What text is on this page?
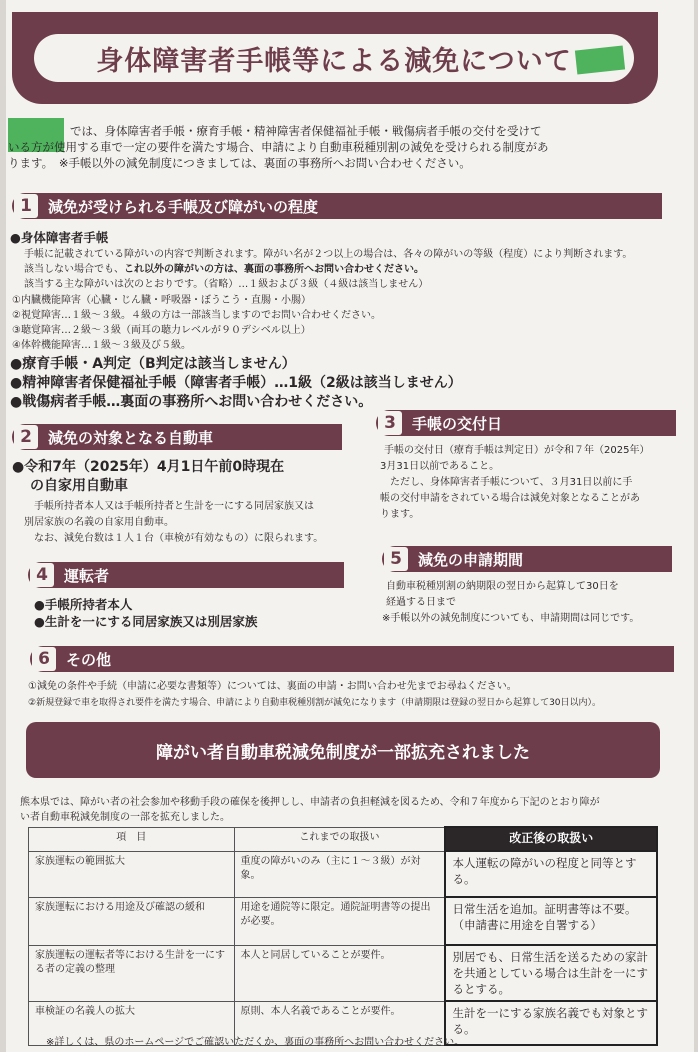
身体障害者手帳等による減免について
では、身体障害者手帳・療育手帳・精神障害者保健福祉手帳・戦傷病者手帳の交付を受けて
いる方が使用する車で一定の要件を満たす場合、申請により自動車税種別割の減免を受けられる制度があ
ります。　※手帳以外の減免制度につきましては、裏面の事務所へお問い合わせください。
1	減免が受けられる手帳及び障がいの程度
●身体障害者手帳
手帳に記載されている障がいの内容で判断されます。障がい名が２つ以上の場合は、各々の障がいの等級（程度）により判断されます。
該当しない場合でも、これ以外の障がいの方は、裏面の事務所へお問い合わせください。
該当する主な障がいは次のとおりです。（省略）…１級および３級（４級は該当しません）
①内臓機能障害（心臓・じん臓・呼吸器・ぼうこう・直腸・小腸）
②視覚障害…１級～３級。４級の方は一部該当しますのでお問い合わせください。
③聴覚障害…２級～３級（両耳の聴力レベルが９０デシベル以上）
④体幹機能障害…１級～３級及び５級。
●療育手帳・A判定（B判定は該当しません）
●精神障害者保健福祉手帳（障害者手帳）…1級（2級は該当しません）
●戦傷病者手帳…裏面の事務所へお問い合わせください。
2	減免の対象となる自動車
●令和7年（2025年）4月1日午前0時現在
の自家用自動車
手帳所持者本人又は手帳所持者と生計を一にする同居家族又は
別居家族の名義の自家用自動車。
なお、減免台数は１人１台（車検が有効なもの）に限られます。
3	手帳の交付日
手帳の交付日（療育手帳は判定日）が令和７年（2025年）
3月31日以前であること。
ただし、身体障害者手帳について、３月31日以前に手
帳の交付申請をされている場合は減免対象となることがあ
ります。
4	運転者
●手帳所持者本人
●生計を一にする同居家族又は別居家族
5	減免の申請期間
自動車税種別割の納期限の翌日から起算して30日を
経過する日まで
※手帳以外の減免制度についても、申請期間は同じです。
6	その他
①減免の条件や手続（申請に必要な書類等）については、裏面の申請・お問い合わせ先までお尋ねください。
②新規登録で車を取得され要件を満たす場合、申請により自動車税種別割が減免になります（申請期限は登録の翌日から起算して30日以内）。
障がい者自動車税減免制度が一部拡充されました
熊本県では、障がい者の社会参加や移動手段の確保を後押しし、申請者の負担軽減を図るため、令和７年度から下記のとおり障が
い者自動車税減免制度の一部を拡充しました。
項　目	これまでの取扱い	改正後の取扱い
家族運転の範囲拡大	重度の障がいのみ（主に１～３級）が対象。	本人運転の障がいの程度と同等とする。
家族運転における用途及び確認の緩和	用途を通院等に限定。通院証明書等の提出が必要。	日常生活を追加。証明書等は不要。（申請書に用途を自署する）
家族運転の運転者等における生計を一にする者の定義の整理	本人と同居していることが要件。	別居でも、日常生活を送るための家計を共通としている場合は生計を一にするとする。
車検証の名義人の拡大	原則、本人名義であることが要件。	生計を一にする家族名義でも対象とする。
※詳しくは、県のホームページでご確認いただくか、裏面の事務所へお問い合わせください。
